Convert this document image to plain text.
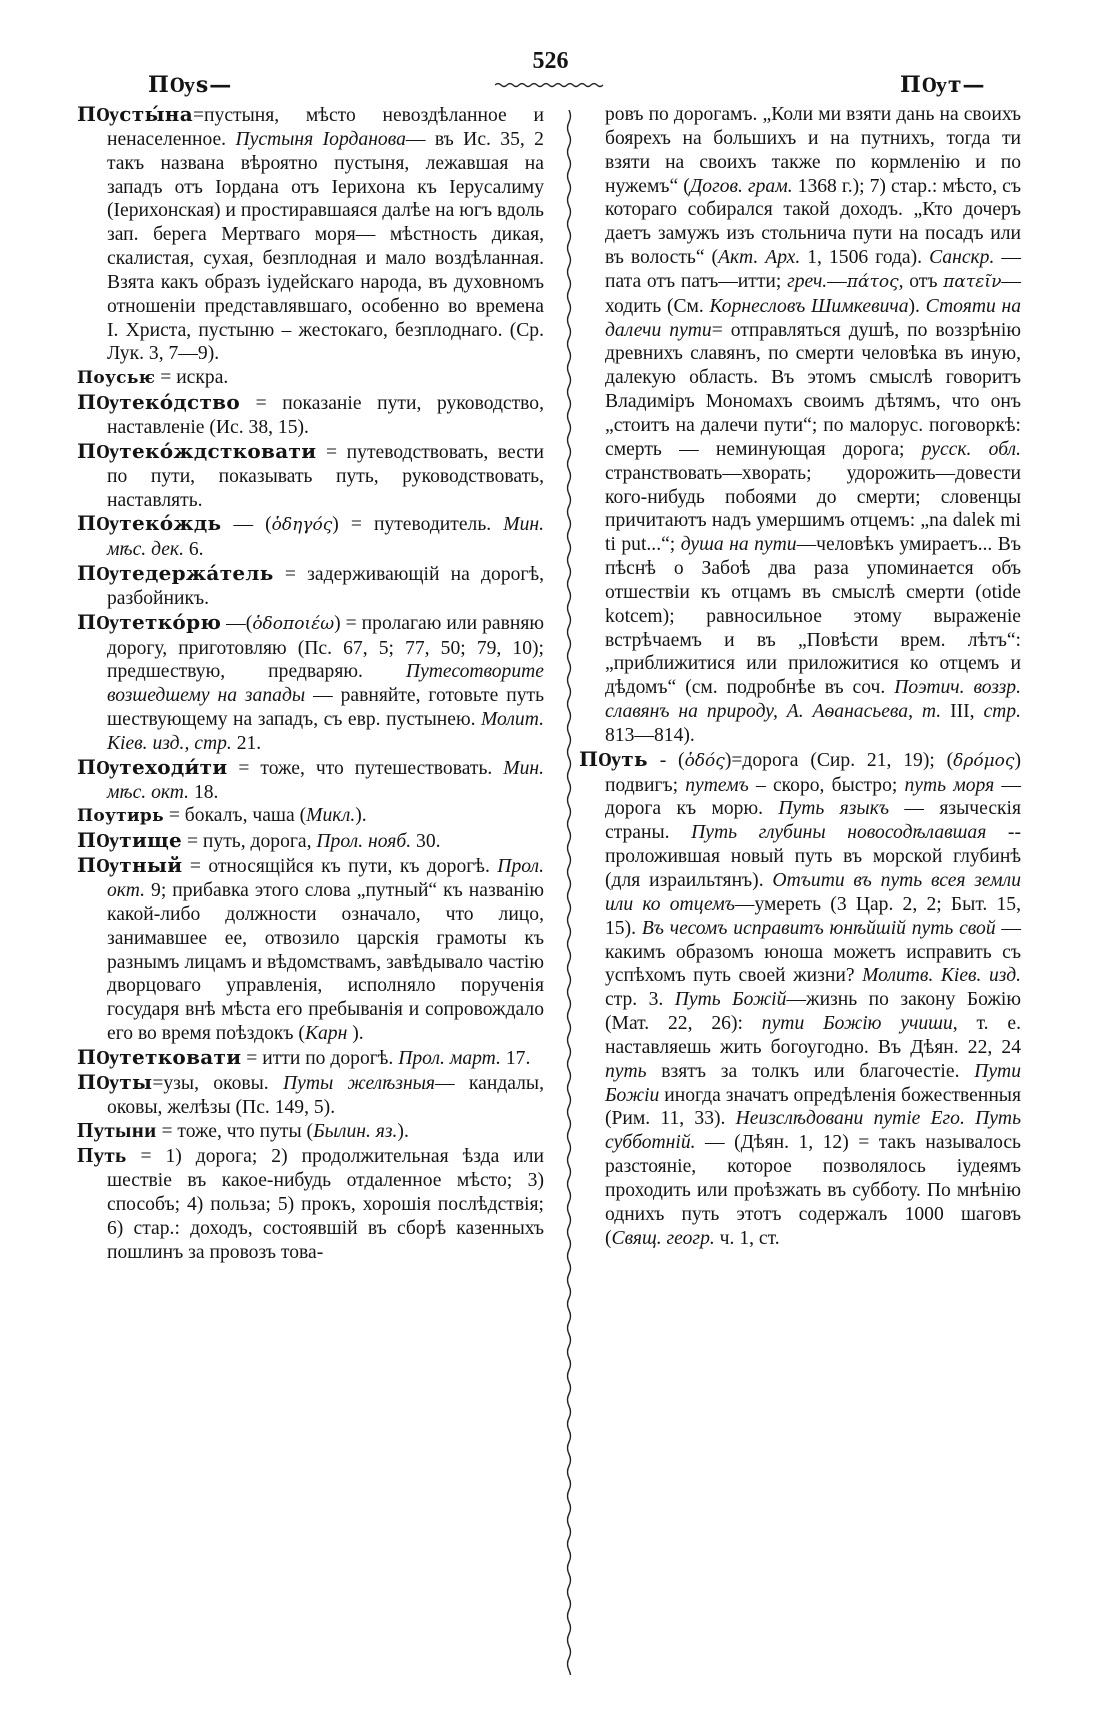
ПѸѕ—
526
ПѸт—

ПѸсты́на=пустыня, мѣсто невоздѣланное и ненаселенное. Пустыня Іорданова— въ Ис. 35, 2 такъ названа вѣроятно пустыня, лежавшая на западъ отъ Іордана отъ Іерихона къ Іерусалиму (Іерихонская) и простиравшаяся далѣе на югъ вдоль зап. берега Мертваго моря— мѣстность дикая, скалистая, сухая, безплодная и мало воздѣланная. Взята какъ образъ іудейскаго народа, въ духовномъ отношеніи представлявшаго, особенно во времена І. Христа, пустыню – жестокаго, безплоднаго. (Ср. Лук. 3, 7—9).

Поусьѥ = искра.

ПѸтеко́дство = показаніе пути, руководство, наставленіе (Ис. 38, 15).

ПѸтеко́ждстковати = путеводствовать, вести по пути, показывать путь, руководствовать, наставлять.

ПѸтеко́ждь — (ὁδηγός) = путеводитель. Мин. мѣс. дек. 6.

ПѸтедержа́тель = задерживающій на дорогѣ, разбойникъ.

ПѸтетко́рю —(ὁδοποιέω) = пролагаю или равняю дорогу, приготовляю (Пс. 67, 5; 77, 50; 79, 10); предшествую, предваряю. Путесотворите возшедшему на запады — равняйте, готовьте путь шествующему на западъ, съ евр. пустынею. Молит. Кіев. изд., стр. 21.

ПѸтеходи́ти = тоже, что путешествовать. Мин. мѣс. окт. 18.

Поутирь = бокалъ, чаша (Микл.).

ПѸтище = путь, дорога, Прол. нояб. 30.

ПѸтный = относящійся къ пути, къ дорогѣ. Прол. окт. 9; прибавка этого слова „путный“ къ названію какой-либо должности означало, что лицо, занимавшее ее, отвозило царскія грамоты къ разнымъ лицамъ и вѣдомствамъ, завѣдывало частію дворцоваго управленія, исполняло порученія государя внѣ мѣста его пребыванія и сопровождало его во время поѣздокъ (Карн ).

ПѸтетковати = итти по дорогѣ. Прол. март. 17.

ПѸты=узы, оковы. Путы желѣзныя— кандалы, оковы, желѣзы (Пс. 149, 5).

Путыни = тоже, что путы (Былин. яз.).

Путь = 1) дорога; 2) продолжительная ѣзда или шествіе въ какое-нибудь отдаленное мѣсто; 3) способъ; 4) польза; 5) прокъ, хорошія послѣдствія; 6) стар.: доходъ, состоявшій въ сборѣ казенныхъ пошлинъ за провозъ това-

ровъ по дорогамъ. „Коли ми взяти дань на своихъ боярехъ на большихъ и на путнихъ, тогда ти взяти на своихъ также по кормленію и по нужемъ“ (Догов. грам. 1368 г.); 7) стар.: мѣсто, съ котораго собирался такой доходъ. „Кто дочеръ даетъ замужъ изъ стольнича пути на посадъ или въ волость“ (Акт. Арх. 1, 1506 года). Санскр. — пата отъ патъ—итти; греч.—πάτος, отъ πατεῖν—ходить (См. Корнесловъ Шимкевича). Стояти на далечи пути= отправляться душѣ, по воззрѣнію древнихъ славянъ, по смерти человѣка въ иную, далекую область. Въ этомъ смыслѣ говоритъ Владиміръ Мономахъ своимъ дѣтямъ, что онъ „стоитъ на далечи пути“; по малорус. поговоркѣ: смерть — неминующая дорога; русск. обл. странствовать—хворать; удорожить—довести кого-нибудь побоями до смерти; словенцы причитаютъ надъ умершимъ отцемъ: „na dalek mi ti put...“; душа на пути—человѣкъ умираетъ... Въ пѣснѣ о Забоѣ два раза упоминается объ отшествіи къ отцамъ въ смыслѣ смерти (otide kotcem); равносильное этому выраженіе встрѣчаемъ и въ „Повѣсти врем. лѣтъ“: „приближитися или приложитися ко отцемъ и дѣдомъ“ (см. подробнѣе въ соч. Поэтич. воззр. славянъ на природу, А. Аѳанасьева, т. III, стр. 813—814).

ПѸть - (ὁδός)=дорога (Сир. 21, 19); (δρόμος) подвигъ; путемъ – скоро, быстро; путь моря — дорога къ морю. Путь языкъ — языческія страны. Путь глубины новосодѣлавшая -- проложившая новый путь въ морской глубинѣ (для израильтянъ). Отъити въ путь всея земли или ко отцемъ—умереть (3 Цар. 2, 2; Быт. 15, 15). Въ чесомъ исправитъ юнѣйшій путь свой — какимъ образомъ юноша можетъ исправить съ успѣхомъ путь своей жизни? Молитв. Кіев. изд. стр. 3. Путь Божій—жизнь по закону Божію (Мат. 22, 26): пути Божію учиши, т. е. наставляешь жить богоугодно. Въ Дѣян. 22, 24 путь взятъ за толкъ или благочестіе. Пути Божіи иногда значатъ опредѣленія божественныя (Рим. 11, 33). Неизслѣдовани путіе Его. Путь субботній. — (Дѣян. 1, 12) = такъ называлось разстояніе, которое позволялось іудеямъ проходить или проѣзжать въ субботу. По мнѣнію однихъ путь этотъ содержалъ 1000 шаговъ (Свящ. геогр. ч. 1, ст.
